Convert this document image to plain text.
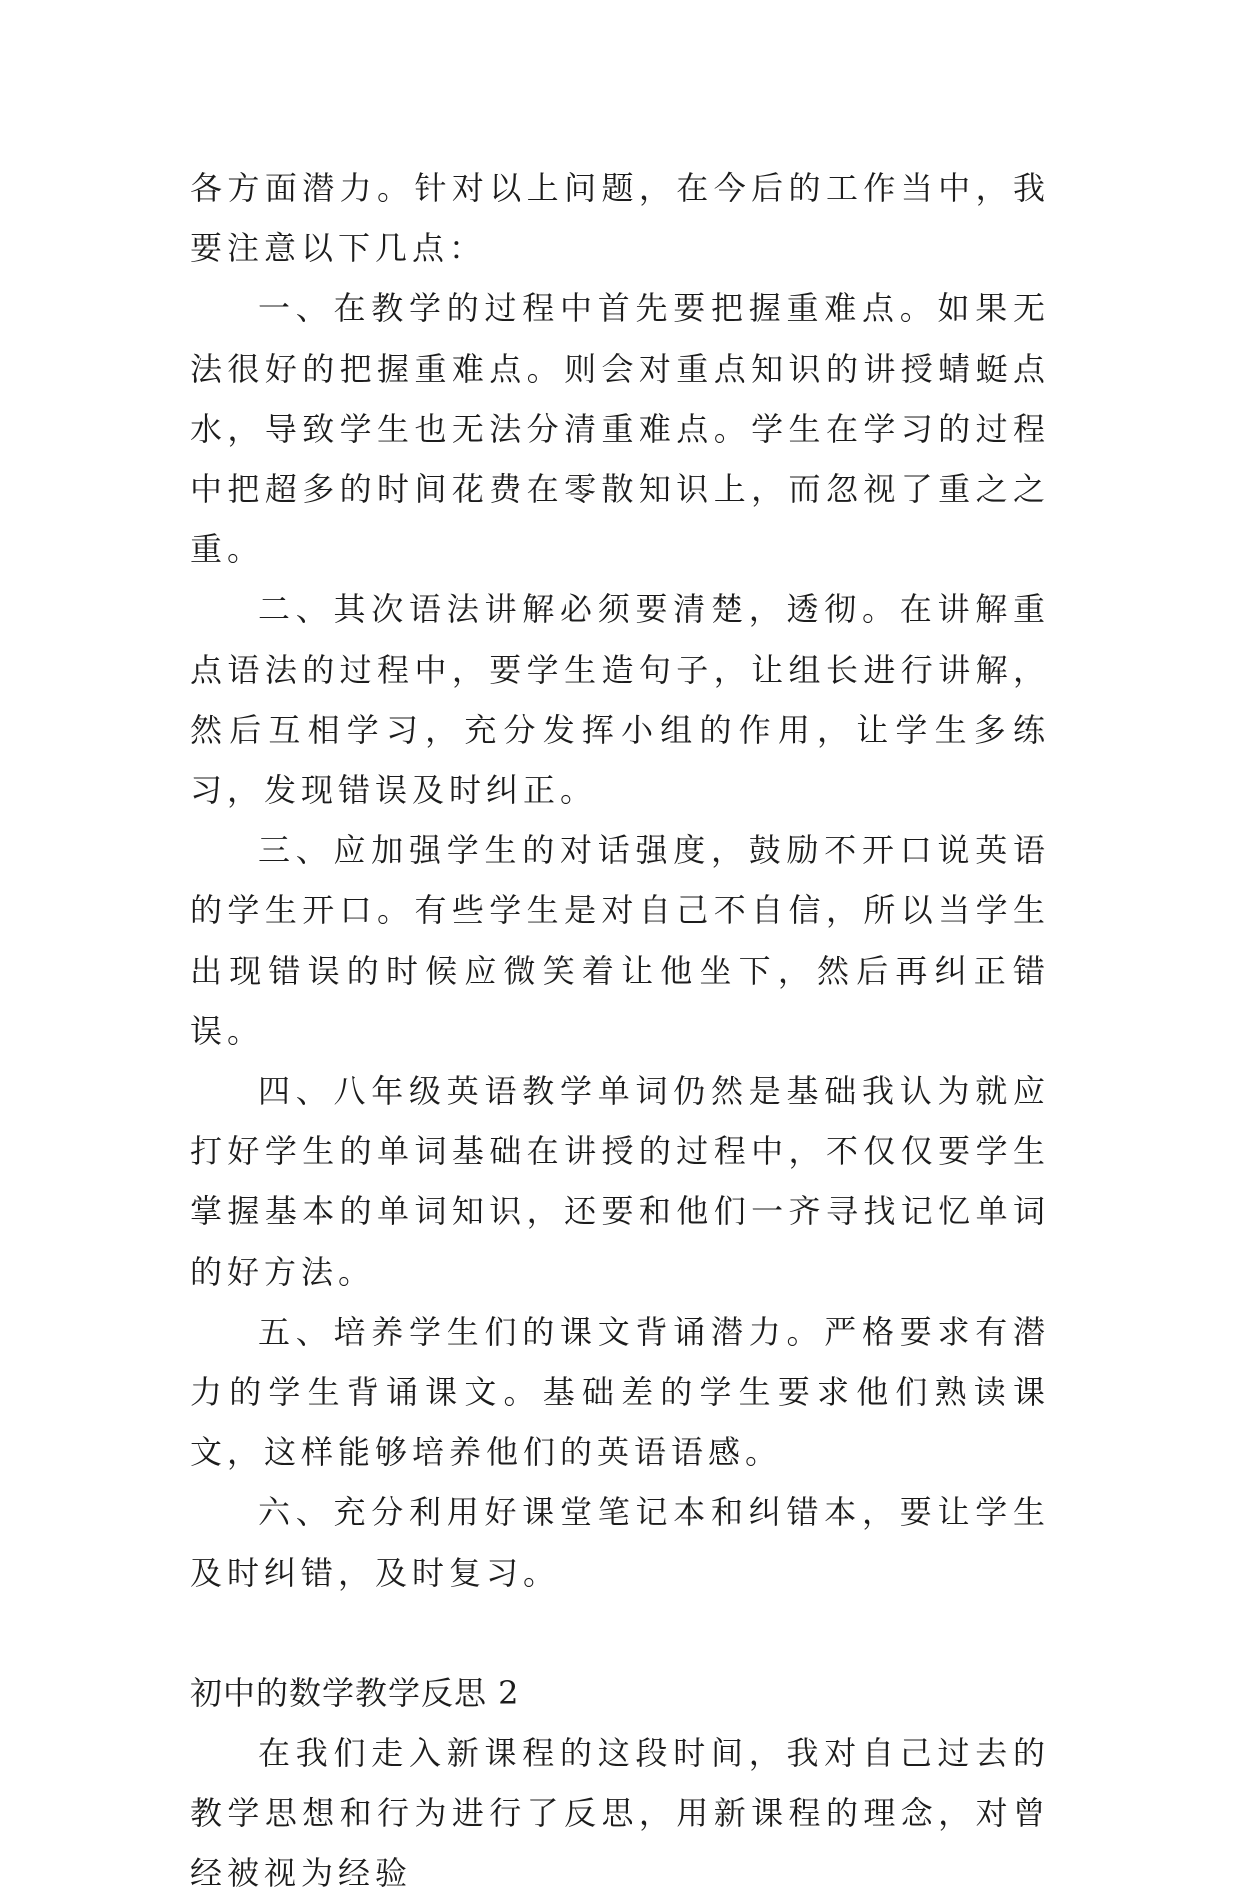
各方面潜力。针对以上问题，在今后的工作当中，我要注意以下几点：

一、在教学的过程中首先要把握重难点。如果无法很好的把握重难点。则会对重点知识的讲授蜻蜓点水，导致学生也无法分清重难点。学生在学习的过程中把超多的时间花费在零散知识上，而忽视了重之之重。

二、其次语法讲解必须要清楚，透彻。在讲解重点语法的过程中，要学生造句子，让组长进行讲解，然后互相学习，充分发挥小组的作用，让学生多练习，发现错误及时纠正。

三、应加强学生的对话强度，鼓励不开口说英语的学生开口。有些学生是对自己不自信，所以当学生出现错误的时候应微笑着让他坐下，然后再纠正错误。

四、八年级英语教学单词仍然是基础我认为就应打好学生的单词基础在讲授的过程中，不仅仅要学生掌握基本的单词知识，还要和他们一齐寻找记忆单词的好方法。

五、培养学生们的课文背诵潜力。严格要求有潜力的学生背诵课文。基础差的学生要求他们熟读课文，这样能够培养他们的英语语感。

六、充分利用好课堂笔记本和纠错本，要让学生及时纠错，及时复习。

初中的数学教学反思 2

在我们走入新课程的这段时间，我对自己过去的教学思想和行为进行了反思，用新课程的理念，对曾经被视为经验
